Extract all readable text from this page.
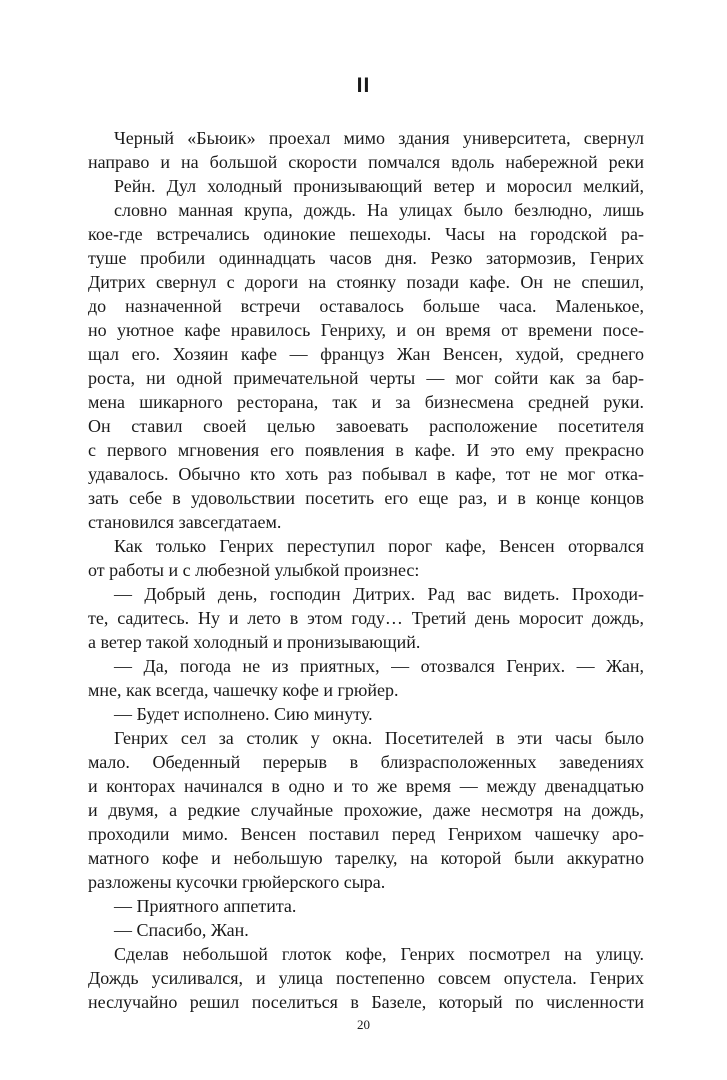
II
Черный «Бьюик» проехал мимо здания университета, свернул
направо и на большой скорости помчался вдоль набережной реки
Рейн. Дул холодный пронизывающий ветер и моросил мелкий,
словно манная крупа, дождь. На улицах было безлюдно, лишь
кое-где встречались одинокие пешеходы. Часы на городской ра-
туше пробили одиннадцать часов дня. Резко затормозив, Генрих
Дитрих свернул с дороги на стоянку позади кафе. Он не спешил,
до назначенной встречи оставалось больше часа. Маленькое,
но уютное кафе нравилось Генриху, и он время от времени посе-
щал его. Хозяин кафе — француз Жан Венсен, худой, среднего
роста, ни одной примечательной черты — мог сойти как за бар-
мена шикарного ресторана, так и за бизнесмена средней руки.
Он ставил своей целью завоевать расположение посетителя
с первого мгновения его появления в кафе. И это ему прекрасно
удавалось. Обычно кто хоть раз побывал в кафе, тот не мог отка-
зать себе в удовольствии посетить его еще раз, и в конце концов
становился завсегдатаем.
Как только Генрих переступил порог кафе, Венсен оторвался
от работы и с любезной улыбкой произнес:
— Добрый день, господин Дитрих. Рад вас видеть. Проходи-
те, садитесь. Ну и лето в этом году… Третий день моросит дождь,
а ветер такой холодный и пронизывающий.
— Да, погода не из приятных, — отозвался Генрих. — Жан,
мне, как всегда, чашечку кофе и грюйер.
— Будет исполнено. Сию минуту.
Генрих сел за столик у окна. Посетителей в эти часы было
мало. Обеденный перерыв в близрасположенных заведениях
и конторах начинался в одно и то же время — между двенадцатью
и двумя, а редкие случайные прохожие, даже несмотря на дождь,
проходили мимо. Венсен поставил перед Генрихом чашечку аро-
матного кофе и небольшую тарелку, на которой были аккуратно
разложены кусочки грюйерского сыра.
— Приятного аппетита.
— Спасибо, Жан.
Сделав небольшой глоток кофе, Генрих посмотрел на улицу.
Дождь усиливался, и улица постепенно совсем опустела. Генрих
неслучайно решил поселиться в Базеле, который по численности
20
